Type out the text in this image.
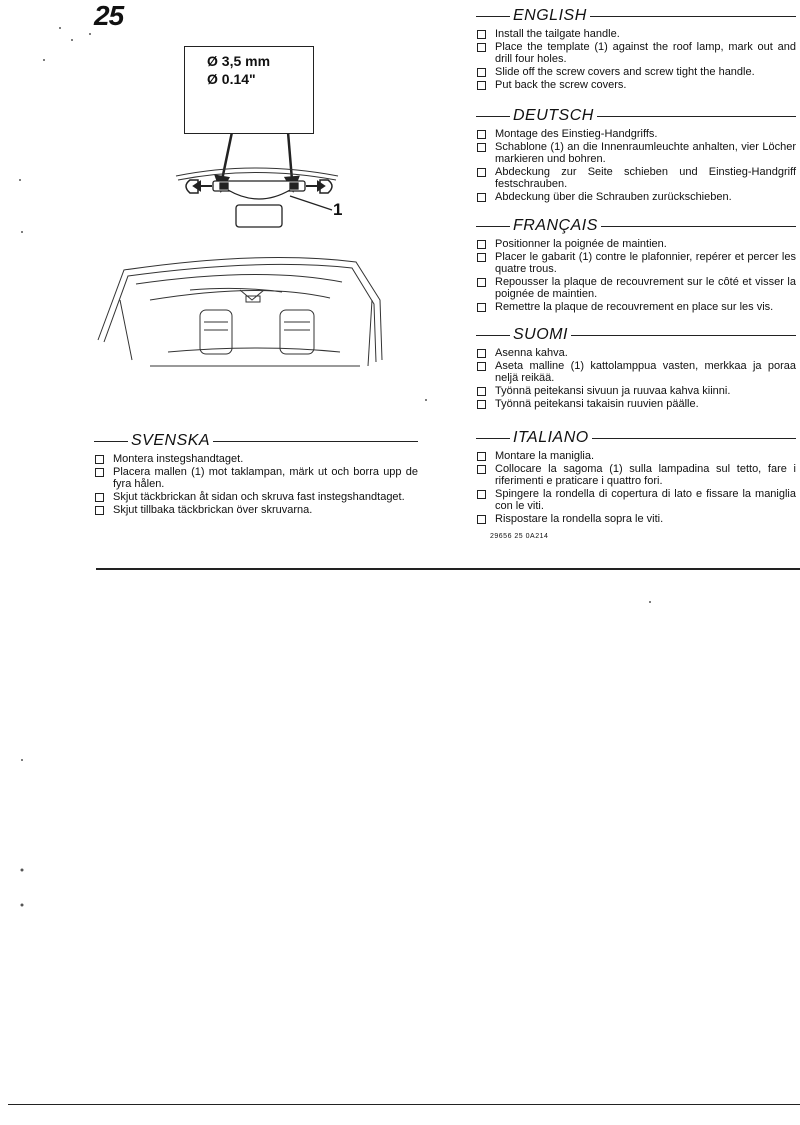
25
Ø 3,5 mm
Ø 0.14"
1
ENGLISH
Install the tailgate handle.
Place the template (1) against the roof lamp, mark out and drill four holes.
Slide off the screw covers and screw tight the handle.
Put back the screw covers.
DEUTSCH
Montage des Einstieg-Handgriffs.
Schablone (1) an die Innenraumleuchte anhalten, vier Löcher markieren und bohren.
Abdeckung zur Seite schieben und Einstieg-Handgriff festschrauben.
Abdeckung über die Schrauben zurückschieben.
FRANÇAIS
Positionner la poignée de maintien.
Placer le gabarit (1) contre le plafonnier, repérer et percer les quatre trous.
Repousser la plaque de recouvrement sur le côté et visser la poignée de maintien.
Remettre la plaque de recouvrement en place sur les vis.
SUOMI
Asenna kahva.
Aseta malline (1) kattolamppua vasten, merkkaa ja poraa neljä reikää.
Työnnä peitekansi sivuun ja ruuvaa kahva kiinni.
Työnnä peitekansi takaisin ruuvien päälle.
ITALIANO
Montare la maniglia.
Collocare la sagoma (1) sulla lampadina sul tetto, fare i riferimenti e praticare i quattro fori.
Spingere la rondella di copertura di lato e fissare la maniglia con le viti.
Rispostare la rondella sopra le viti.
SVENSKA
Montera instegshandtaget.
Placera mallen (1) mot taklampan, märk ut och borra upp de fyra hålen.
Skjut täckbrickan åt sidan och skruva fast instegshandtaget.
Skjut tillbaka täckbrickan över skruvarna.
29656 25 0A214
